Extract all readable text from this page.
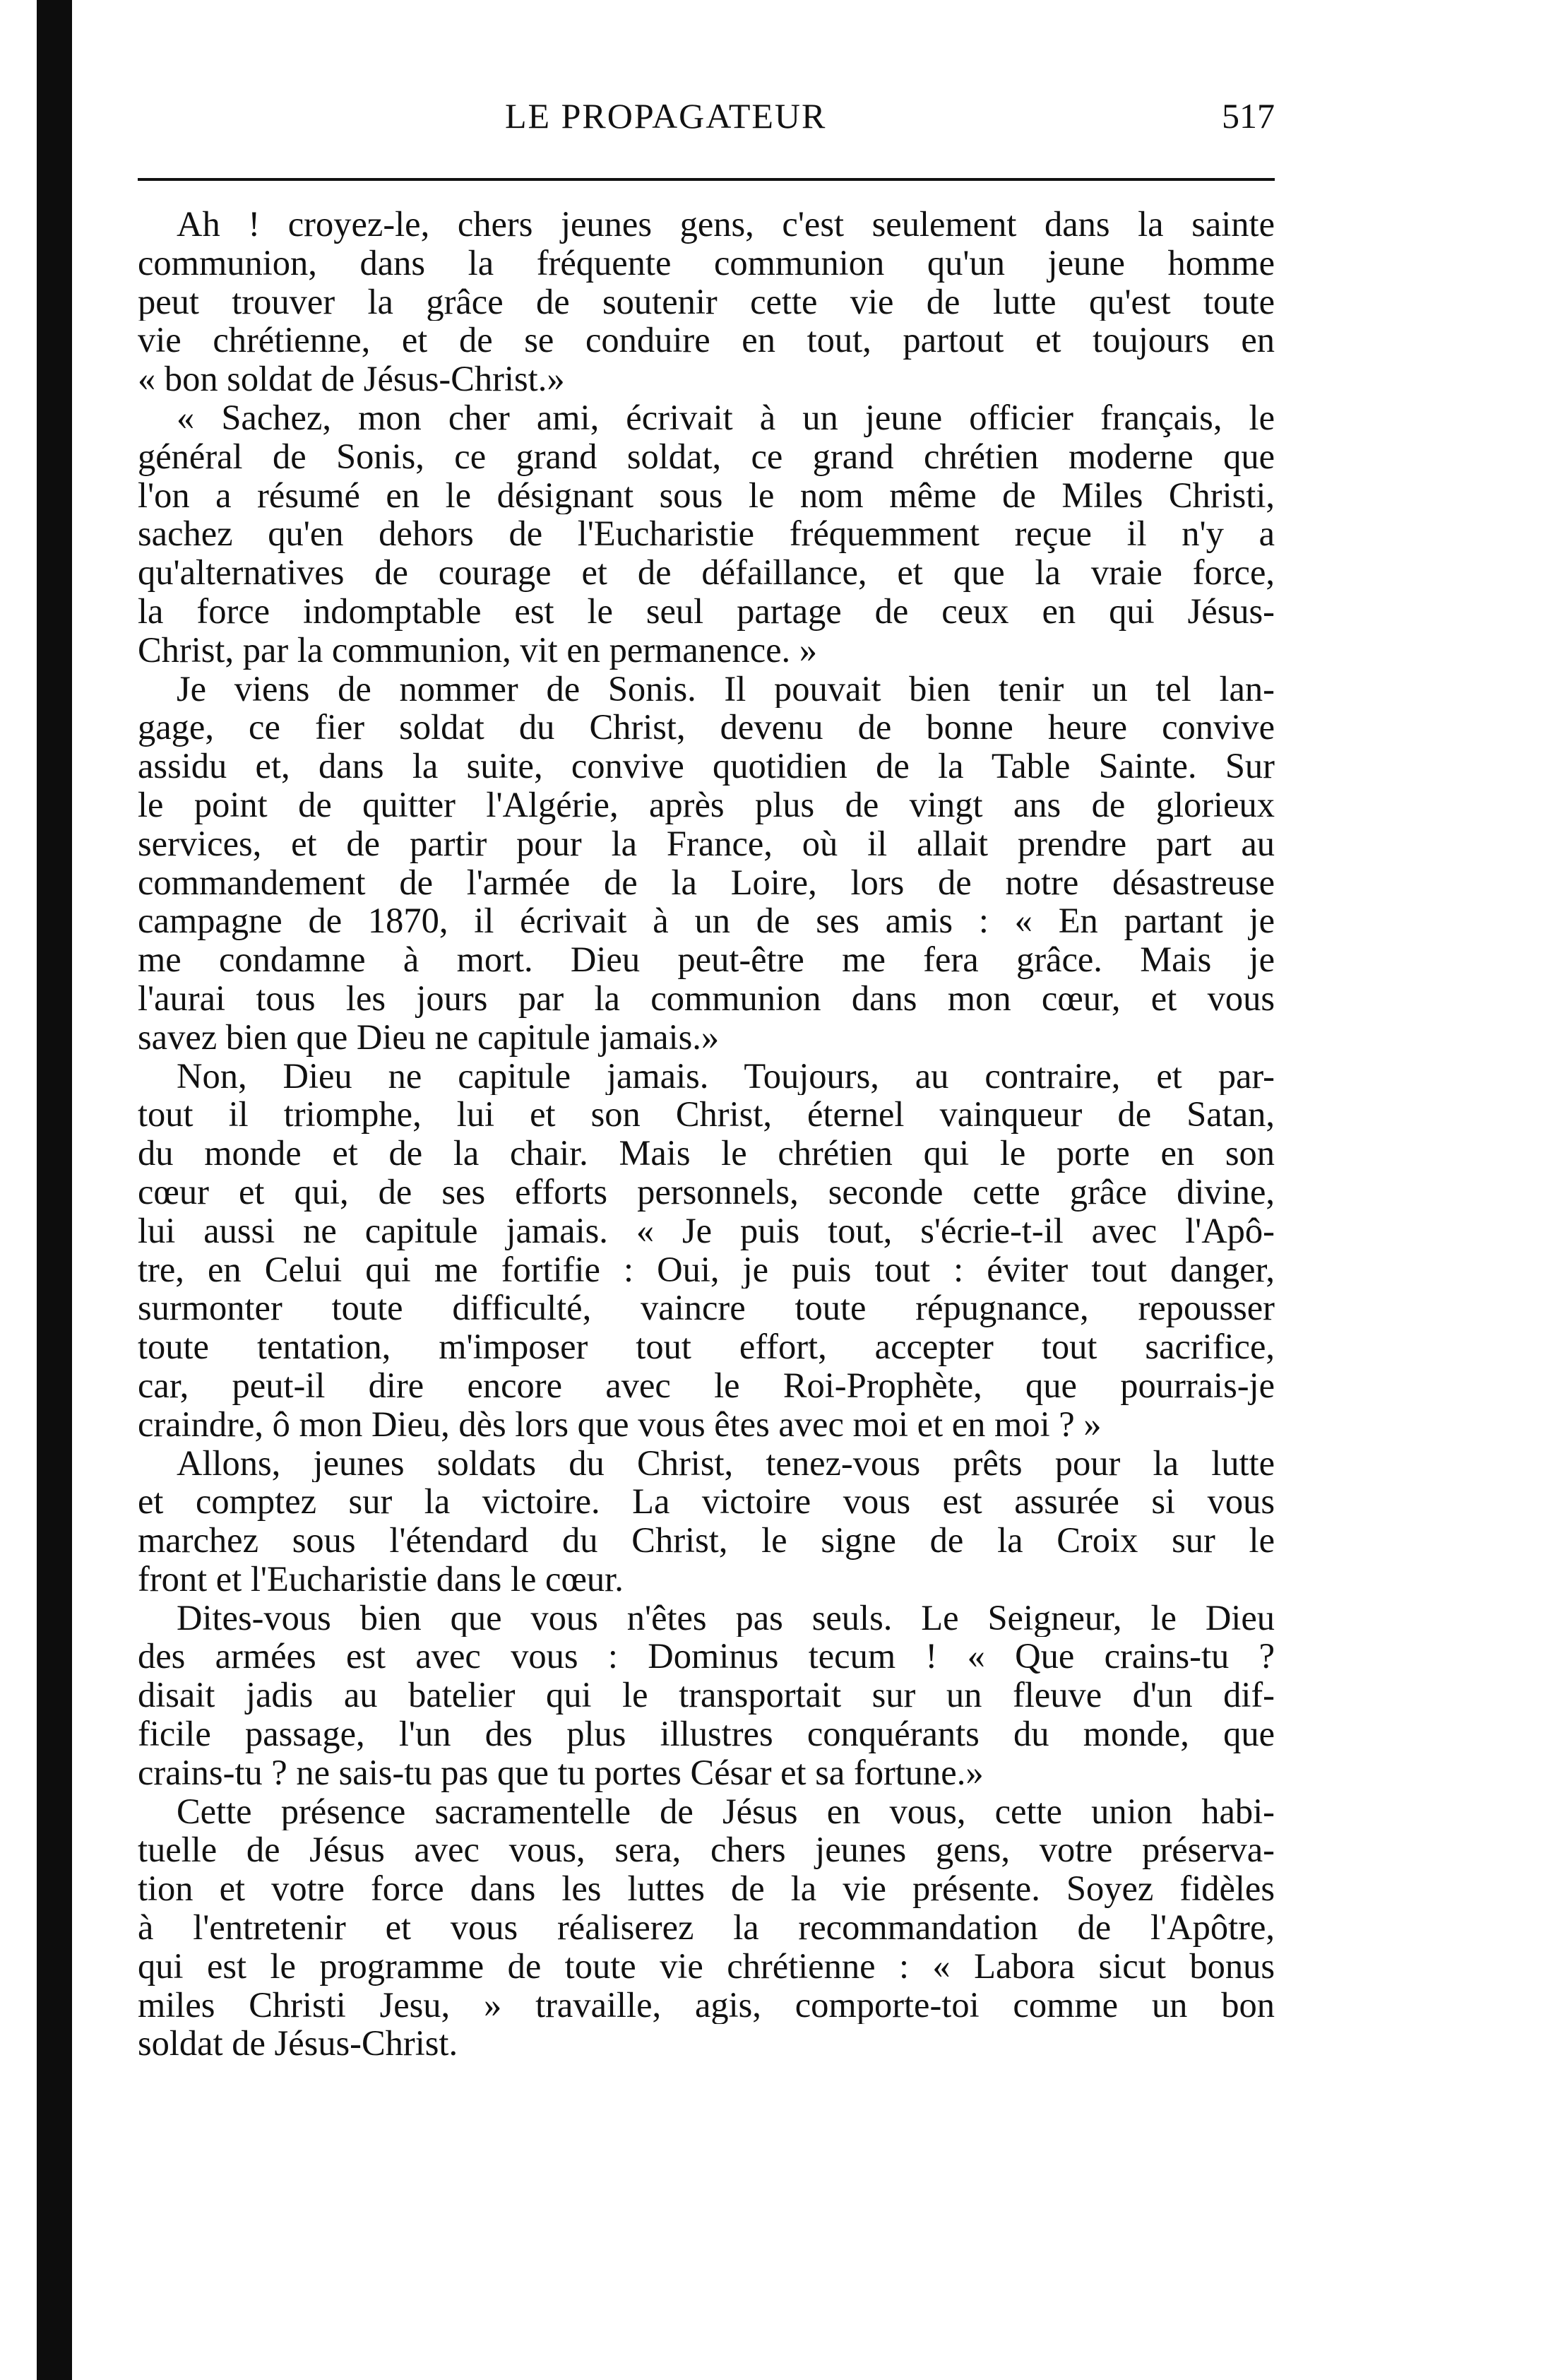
LE PROPAGATEUR	517
Ah ! croyez-le, chers jeunes gens, c'est seulement dans la sainte
communion, dans la fréquente communion qu'un jeune homme
peut trouver la grâce de soutenir cette vie de lutte qu'est toute
vie chrétienne, et de se conduire en tout, partout et toujours en
« bon soldat de Jésus-Christ.»
« Sachez, mon cher ami, écrivait à un jeune officier français, le
général de Sonis, ce grand soldat, ce grand chrétien moderne que
l'on a résumé en le désignant sous le nom même de Miles Christi,
sachez qu'en dehors de l'Eucharistie fréquemment reçue il n'y a
qu'alternatives de courage et de défaillance, et que la vraie force,
la force indomptable est le seul partage de ceux en qui Jésus-
Christ, par la communion, vit en permanence. »
Je viens de nommer de Sonis. Il pouvait bien tenir un tel lan-
gage, ce fier soldat du Christ, devenu de bonne heure convive
assidu et, dans la suite, convive quotidien de la Table Sainte. Sur
le point de quitter l'Algérie, après plus de vingt ans de glorieux
services, et de partir pour la France, où il allait prendre part au
commandement de l'armée de la Loire, lors de notre désastreuse
campagne de 1870, il écrivait à un de ses amis : « En partant je
me condamne à mort. Dieu peut-être me fera grâce. Mais je
l'aurai tous les jours par la communion dans mon cœur, et vous
savez bien que Dieu ne capitule jamais.»
Non, Dieu ne capitule jamais. Toujours, au contraire, et par-
tout il triomphe, lui et son Christ, éternel vainqueur de Satan,
du monde et de la chair. Mais le chrétien qui le porte en son
cœur et qui, de ses efforts personnels, seconde cette grâce divine,
lui aussi ne capitule jamais. « Je puis tout, s'écrie-t-il avec l'Apô-
tre, en Celui qui me fortifie : Oui, je puis tout : éviter tout danger,
surmonter toute difficulté, vaincre toute répugnance, repousser
toute tentation, m'imposer tout effort, accepter tout sacrifice,
car, peut-il dire encore avec le Roi-Prophète, que pourrais-je
craindre, ô mon Dieu, dès lors que vous êtes avec moi et en moi ? »
Allons, jeunes soldats du Christ, tenez-vous prêts pour la lutte
et comptez sur la victoire. La victoire vous est assurée si vous
marchez sous l'étendard du Christ, le signe de la Croix sur le
front et l'Eucharistie dans le cœur.
Dites-vous bien que vous n'êtes pas seuls. Le Seigneur, le Dieu
des armées est avec vous : Dominus tecum ! « Que crains-tu ?
disait jadis au batelier qui le transportait sur un fleuve d'un dif-
ficile passage, l'un des plus illustres conquérants du monde, que
crains-tu ? ne sais-tu pas que tu portes César et sa fortune.»
Cette présence sacramentelle de Jésus en vous, cette union habi-
tuelle de Jésus avec vous, sera, chers jeunes gens, votre préserva-
tion et votre force dans les luttes de la vie présente. Soyez fidèles
à l'entretenir et vous réaliserez la recommandation de l'Apôtre,
qui est le programme de toute vie chrétienne : « Labora sicut bonus
miles Christi Jesu, » travaille, agis, comporte-toi comme un bon
soldat de Jésus-Christ.
